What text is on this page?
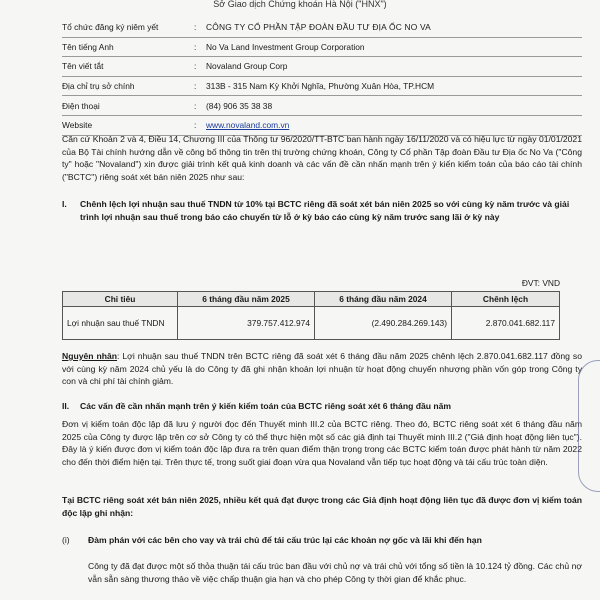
Sở Giao dịch Chứng khoán Hà Nội ("HNX")
Tổ chức đăng ký niêm yết	:	CÔNG TY CỔ PHẦN TẬP ĐOÀN ĐẦU TƯ ĐỊA ỐC NO VA
Tên tiếng Anh	:	No Va Land Investment Group Corporation
Tên viết tắt	:	Novaland Group Corp
Địa chỉ trụ sở chính	:	313B - 315 Nam Kỳ Khởi Nghĩa, Phường Xuân Hòa, TP.HCM
Điện thoại	:	(84) 906 35 38 38
Website	:	www.novaland.com.vn
Căn cứ Khoản 2 và 4, Điều 14, Chương III của Thông tư 96/2020/TT-BTC ban hành ngày 16/11/2020 và có hiệu lực từ ngày 01/01/2021 của Bộ Tài chính hướng dẫn về công bố thông tin trên thị trường chứng khoán, Công ty Cổ phần Tập đoàn Đầu tư Địa ốc No Va ("Công ty" hoặc "Novaland") xin được giải trình kết quả kinh doanh và các vấn đề cần nhấn mạnh trên ý kiến kiểm toán của báo cáo tài chính ("BCTC") riêng soát xét bán niên 2025 như sau:
I. Chênh lệch lợi nhuận sau thuế TNDN từ 10% tại BCTC riêng đã soát xét bán niên 2025 so với cùng kỳ năm trước và giải trình lợi nhuận sau thuế trong báo cáo chuyển từ lỗ ở kỳ báo cáo cùng kỳ năm trước sang lãi ở kỳ này
ĐVT: VND
Chỉ tiêu	6 tháng đầu năm 2025	6 tháng đầu năm 2024	Chênh lệch
Lợi nhuận sau thuế TNDN	379.757.412.974	(2.490.284.269.143)	2.870.041.682.117
Nguyên nhân: Lợi nhuận sau thuế TNDN trên BCTC riêng đã soát xét 6 tháng đầu năm 2025 chênh lệch 2.870.041.682.117 đồng so với cùng kỳ năm 2024 chủ yếu là do Công ty đã ghi nhận khoản lợi nhuận từ hoạt động chuyển nhượng phần vốn góp trong Công ty con và chi phí tài chính giảm.
II. Các vấn đề cần nhấn mạnh trên ý kiến kiểm toán của BCTC riêng soát xét 6 tháng đầu năm
Đơn vị kiểm toán độc lập đã lưu ý người đọc đến Thuyết minh III.2 của BCTC riêng. Theo đó, BCTC riêng soát xét 6 tháng đầu năm 2025 của Công ty được lập trên cơ sở Công ty có thể thực hiện một số các giả định tại Thuyết minh III.2 ("Giả định hoạt động liên tục"). Đây là ý kiến được đơn vị kiểm toán độc lập đưa ra trên quan điểm thận trọng trong các BCTC kiểm toán được phát hành từ năm 2022 cho đến thời điểm hiện tại. Trên thực tế, trong suốt giai đoạn vừa qua Novaland vẫn tiếp tục hoạt động và tái cấu trúc toàn diện.
Tại BCTC riêng soát xét bán niên 2025, nhiều kết quả đạt được trong các Giả định hoạt động liên tục đã được đơn vị kiểm toán độc lập ghi nhận:
(i) Đàm phán với các bên cho vay và trái chủ để tái cấu trúc lại các khoản nợ gốc và lãi khi đến hạn
Công ty đã đạt được một số thỏa thuận tái cấu trúc ban đầu với chủ nợ và trái chủ với tổng số tiền là 10.124 tỷ đồng. Các chủ nợ vẫn sẵn sàng thương thảo về việc chấp thuận gia hạn và cho phép Công ty thời gian để khắc phục.
